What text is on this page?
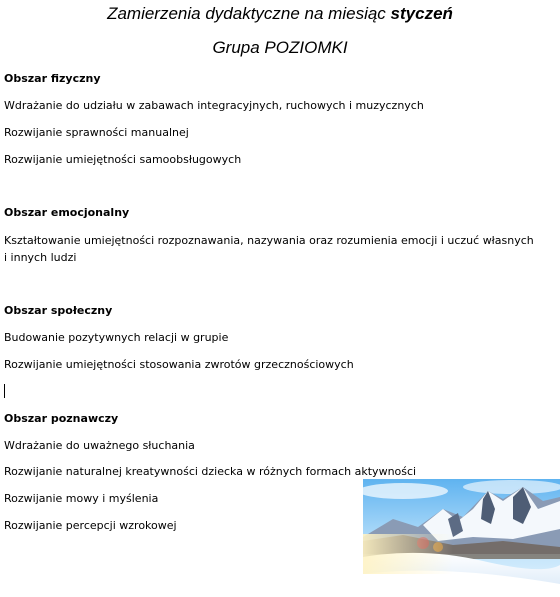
Zamierzenia dydaktyczne na miesiąc styczeń
Grupa POZIOMKI
Obszar fizyczny
Wdrażanie do udziału w zabawach integracyjnych, ruchowych i muzycznych
Rozwijanie sprawności manualnej
Rozwijanie umiejętności samoobsługowych
Obszar emocjonalny
Kształtowanie umiejętności rozpoznawania, nazywania oraz rozumienia emocji i uczuć własnych i innych ludzi
Obszar społeczny
Budowanie pozytywnych relacji w grupie
Rozwijanie umiejętności stosowania zwrotów grzecznościowych
Obszar poznawczy
Wdrażanie do uważnego słuchania
Rozwijanie naturalnej kreatywności dziecka w różnych formach aktywności
Rozwijanie mowy i myślenia
Rozwijanie percepcji wzrokowej
